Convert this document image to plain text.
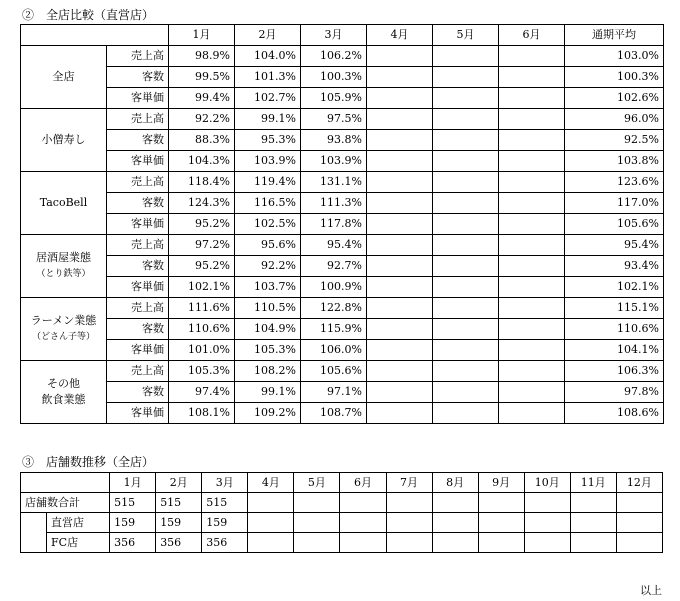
②　全店比較（直営店）
		1月	2月	3月	4月	5月	6月	通期平均

全店	売上高	98.9%	104.0%	106.2%				103.0%
	客数	99.5%	101.3%	100.3%				100.3%
	客単価	99.4%	102.7%	105.9%				102.6%

小僧寿し	売上高	92.2%	99.1%	97.5%				96.0%
	客数	88.3%	95.3%	93.8%				92.5%
	客単価	104.3%	103.9%	103.9%				103.8%

TacoBell	売上高	118.4%	119.4%	131.1%				123.6%
	客数	124.3%	116.5%	111.3%				117.0%
	客単価	95.2%	102.5%	117.8%				105.6%

居酒屋業態
（とり鉄等）	売上高	97.2%	95.6%	95.4%				95.4%
	客数	95.2%	92.2%	92.7%				93.4%
	客単価	102.1%	103.7%	100.9%				102.1%

ラーメン業態
（どさん子等）	売上高	111.6%	110.5%	122.8%				115.1%
	客数	110.6%	104.9%	115.9%				110.6%
	客単価	101.0%	105.3%	106.0%				104.1%

その他
飲食業態	売上高	105.3%	108.2%	105.6%				106.3%
	客数	97.4%	99.1%	97.1%				97.8%
	客単価	108.1%	109.2%	108.7%				108.6%
③　店舗数推移（全店）
		1月	2月	3月	4月	5月	6月	7月	8月	9月	10月	11月	12月
店舗数合計		515	515	515									
	直営店	159	159	159									
	FC店	356	356	356									
以上
